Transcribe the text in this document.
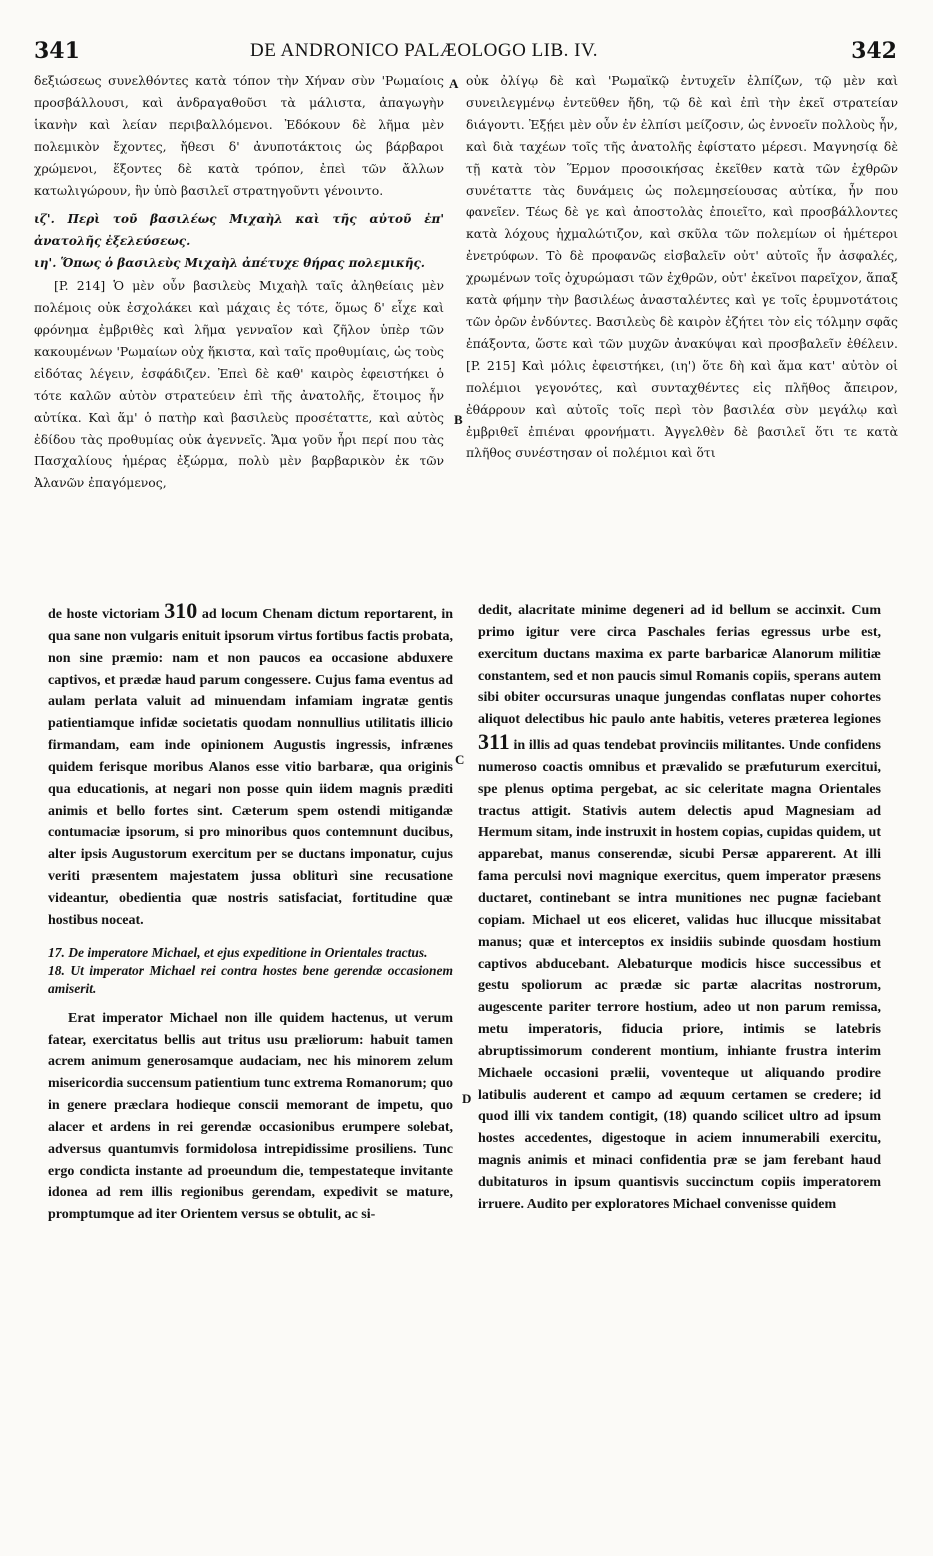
341	DE ANDRONICO PALÆOLOGO LIB. IV.	342

δεξιώσεως συνελθόντες κατὰ τόπον τὴν Χήναν σὺν 'Ρωμαίοις προσβάλλουσι, καὶ ἀνδραγαθοῦσι τὰ μάλιστα, ἀπαγωγὴν ἱκανὴν καὶ λείαν περιβαλλόμενοι. Ἐδόκουν δὲ λῆμα μὲν πολεμικὸν ἔχοντες, ἤθεσι δ' ἀνυποτάκτοις ὡς βάρβαροι χρώμενοι, ἕξοντες δὲ κατὰ τρόπον, ἐπεὶ τῶν ἄλλων κατωλιγώρουν, ἣν ὑπὸ βασιλεῖ στρατηγοῦντι γένοιντο.

ιζ'. Περὶ τοῦ βασιλέως Μιχαὴλ καὶ τῆς αὐτοῦ ἐπ' ἀνατολῆς ἐξελεύσεως.

ιη'. Ὅπως ὁ βασιλεὺς Μιχαὴλ ἀπέτυχε θήρας πολεμικῆς.

[P. 214] Ὁ μὲν οὖν βασιλεὺς Μιχαὴλ ταῖς ἀληθείαις μὲν πολέμοις οὐκ ἐσχολάκει καὶ μάχαις ἐς τότε, ὅμως δ' εἶχε καὶ φρόνημα ἐμβριθὲς καὶ λῆμα γενναῖον καὶ ζῆλον ὑπὲρ τῶν κακουμένων 'Ρωμαίων οὐχ ἥκιστα, καὶ ταῖς προθυμίαις, ὡς τοὺς εἰδότας λέγειν, ἐσφάδιζεν. Ἐπεὶ δὲ καθ' καιρὸς ἐφειστήκει ὁ τότε καλῶν αὐτὸν στρατεύειν ἐπὶ τῆς ἀνατολῆς, ἕτοιμος ἦν αὐτίκα. Καὶ ἅμ' ὁ πατὴρ καὶ βασιλεὺς προσέταττε, καὶ αὐτὸς ἐδίδου τὰς προθυμίας οὐκ ἀγεννεῖς. Ἅμα γοῦν ἦρι περί που τὰς Πασχαλίους ἡμέρας ἐξώρμα, πολὺ μὲν βαρβαρικὸν ἐκ τῶν Ἀλανῶν ἐπαγόμενος,

οὐκ ὀλίγῳ δὲ καὶ 'Ρωμαϊκῷ ἐντυχεῖν ἐλπίζων, τῷ μὲν καὶ συνειλεγμένῳ ἐντεῦθεν ἤδη, τῷ δὲ καὶ ἐπὶ τὴν ἐκεῖ στρατείαν διάγοντι. Ἐξῄει μὲν οὖν ἐν ἐλπίσι μείζοσιν, ὡς ἐννοεῖν πολλοὺς ἦν, καὶ διὰ ταχέων τοῖς τῆς ἀνατολῆς ἐφίστατο μέρεσι. Μαγνησίᾳ δὲ τῇ κατὰ τὸν Ἕρμον προσοικήσας ἐκεῖθεν κατὰ τῶν ἐχθρῶν συνέταττε τὰς δυνάμεις ὡς πολεμησείουσας αὐτίκα, ἦν που φανεῖεν. Τέως δὲ γε καὶ ἀποστολὰς ἐποιεῖτο, καὶ προσβάλλοντες κατὰ λόχους ἠχμαλώτιζον, καὶ σκῦλα τῶν πολεμίων οἱ ἡμέτεροι ἐνετρύφων. Τὸ δὲ προφανῶς εἰσβαλεῖν οὐτ' αὐτοῖς ἦν ἀσφαλές, χρωμένων τοῖς ὀχυρώμασι τῶν ἐχθρῶν, οὐτ' ἐκεῖνοι παρεῖχον, ἅπαξ κατὰ φήμην τὴν βασιλέως ἀνασταλέντες καὶ γε τοῖς ἐρυμνοτάτοις τῶν ὀρῶν ἐνδύντες. Βασιλεὺς δὲ καιρὸν ἐζήτει τὸν εἰς τόλμην σφᾶς ἐπάξοντα, ὥστε καὶ τῶν μυχῶν ἀνακύψαι καὶ προσβαλεῖν ἐθέλειν. [P. 215] Καὶ μόλις ἐφειστήκει, (ιη') ὅτε δὴ καὶ ἅμα κατ' αὐτὸν οἱ πολέμιοι γεγονότες, καὶ συνταχθέντες εἰς πλῆθος ἄπειρον, ἐθάρρουν καὶ αὐτοῖς τοῖς περὶ τὸν βασιλέα σὺν μεγάλῳ καὶ ἐμβριθεῖ ἐπιέναι φρονήματι. Ἀγγελθὲν δὲ βασιλεῖ ὅτι τε κατὰ πλῆθος συνέστησαν οἱ πολέμιοι καὶ ὅτι

A
B
C
D

de hoste victoriam 310 ad locum Chenam dictum reportarent, in qua sane non vulgaris enituit ipsorum virtus fortibus factis probata, non sine præmio: nam et non paucos ea occasione abduxere captivos, et prædæ haud parum congessere. Cujus fama eventus ad aulam perlata valuit ad minuendam infamiam ingratæ gentis patientiamque infidæ societatis quodam nonnullius utilitatis illicio firmandam, eam inde opinionem Augustis ingressis, infrænes quidem ferisque moribus Alanos esse vitio barbaræ, qua originis qua educationis, at negari non posse quin iidem magnis præditi animis et bello fortes sint. Cæterum spem ostendi mitigandæ contumaciæ ipsorum, si pro minoribus quos contemnunt ducibus, alter ipsis Augustorum exercitum per se ductans imponatur, cujus veriti præsentem majestatem jussa obliturì sine recusatione videantur, obedientia quæ nostris satisfaciat, fortitudine quæ hostibus noceat.

17. De imperatore Michael, et ejus expeditione in Orientales tractus.

18. Ut imperator Michael rei contra hostes bene gerendæ occasionem amiserit.

Erat imperator Michael non ille quidem hactenus, ut verum fatear, exercitatus bellis aut tritus usu præliorum: habuit tamen acrem animum generosamque audaciam, nec his minorem zelum misericordia succensum patientium tunc extrema Romanorum; quo in genere præclara hodieque conscii memorant de impetu, quo alacer et ardens in rei gerendæ occasionibus erumpere solebat, adversus quantumvis formidolosa intrepidissime prosiliens. Tunc ergo condicta instante ad proeundum die, tempestateque invitante idonea ad rem illis regionibus gerendam, expedivit se mature, promptumque ad iter Orientem versus se obtulit, ac si-

dedit, alacritate minime degeneri ad id bellum se accinxit. Cum primo igitur vere circa Paschales ferias egressus urbe est, exercitum ductans maxima ex parte barbaricæ Alanorum militiæ constantem, sed et non paucis simul Romanis copiis, sperans autem sibi obiter occursuras unaque jungendas conflatas nuper cohortes aliquot delectibus hic paulo ante habitis, veteres præterea legiones 311 in illis ad quas tendebat provinciis militantes. Unde confidens numeroso coactis omnibus et prævalido se præfuturum exercitui, spe plenus optima pergebat, ac sic celeritate magna Orientales tractus attigit. Stativis autem delectis apud Magnesiam ad Hermum sitam, inde instruxit in hostem copias, cupidas quidem, ut apparebat, manus conserendæ, sicubi Persæ apparerent. At illi fama perculsi novi magnique exercitus, quem imperator præsens ductaret, continebant se intra munitiones nec pugnæ faciebant copiam. Michael ut eos eliceret, validas huc illucque missitabat manus; quæ et interceptos ex insidiis subinde quosdam hostium captivos abducebant. Alebaturque modicis hisce successibus et gestu spoliorum ac prædæ sic partæ alacritas nostrorum, augescente pariter terrore hostium, adeo ut non parum remissa, metu imperatoris, fiducia priore, intimis se latebris abruptissimorum conderent montium, inhiante frustra interim Michaele occasioni prælii, voventeque ut aliquando prodire latibulis auderent et campo ad æquum certamen se credere; id quod illi vix tandem contigit, (18) quando scilicet ultro ad ipsum hostes accedentes, digestoque in aciem innumerabili exercitu, magnis animis et minaci confidentia præ se jam ferebant haud dubitaturos in ipsum quantisvis succinctum copiis imperatorem irruere. Audito per exploratores Michael convenisse quidem
